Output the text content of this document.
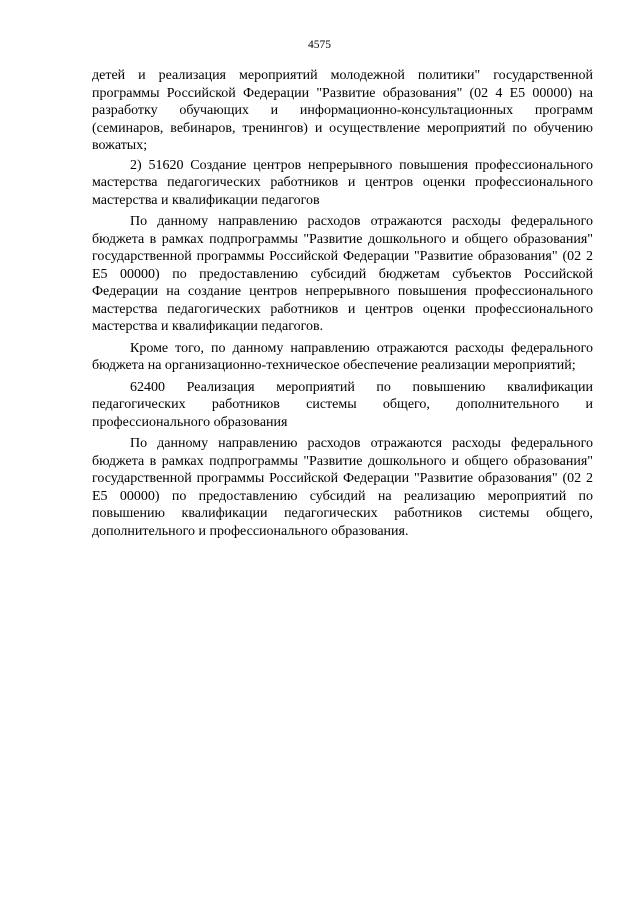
4575

детей и реализация мероприятий молодежной политики" государственной программы Российской Федерации "Развитие образования" (02 4 E5 00000) на разработку обучающих и информационно-консультационных программ (семинаров, вебинаров, тренингов) и осуществление мероприятий по обучению вожатых;

2) 51620 Создание центров непрерывного повышения профессионального мастерства педагогических работников и центров оценки профессионального мастерства и квалификации педагогов

По данному направлению расходов отражаются расходы федерального бюджета в рамках подпрограммы "Развитие дошкольного и общего образования" государственной программы Российской Федерации "Развитие образования" (02 2 E5 00000) по предоставлению субсидий бюджетам субъектов Российской Федерации на создание центров непрерывного повышения профессионального мастерства педагогических работников и центров оценки профессионального мастерства и квалификации педагогов.

Кроме того, по данному направлению отражаются расходы федерального бюджета на организационно-техническое обеспечение реализации мероприятий;

62400 Реализация мероприятий по повышению квалификации педагогических работников системы общего, дополнительного и профессионального образования

По данному направлению расходов отражаются расходы федерального бюджета в рамках подпрограммы "Развитие дошкольного и общего образования" государственной программы Российской Федерации "Развитие образования" (02 2 E5 00000) по предоставлению субсидий на реализацию мероприятий по повышению квалификации педагогических работников системы общего, дополнительного и профессионального образования.
